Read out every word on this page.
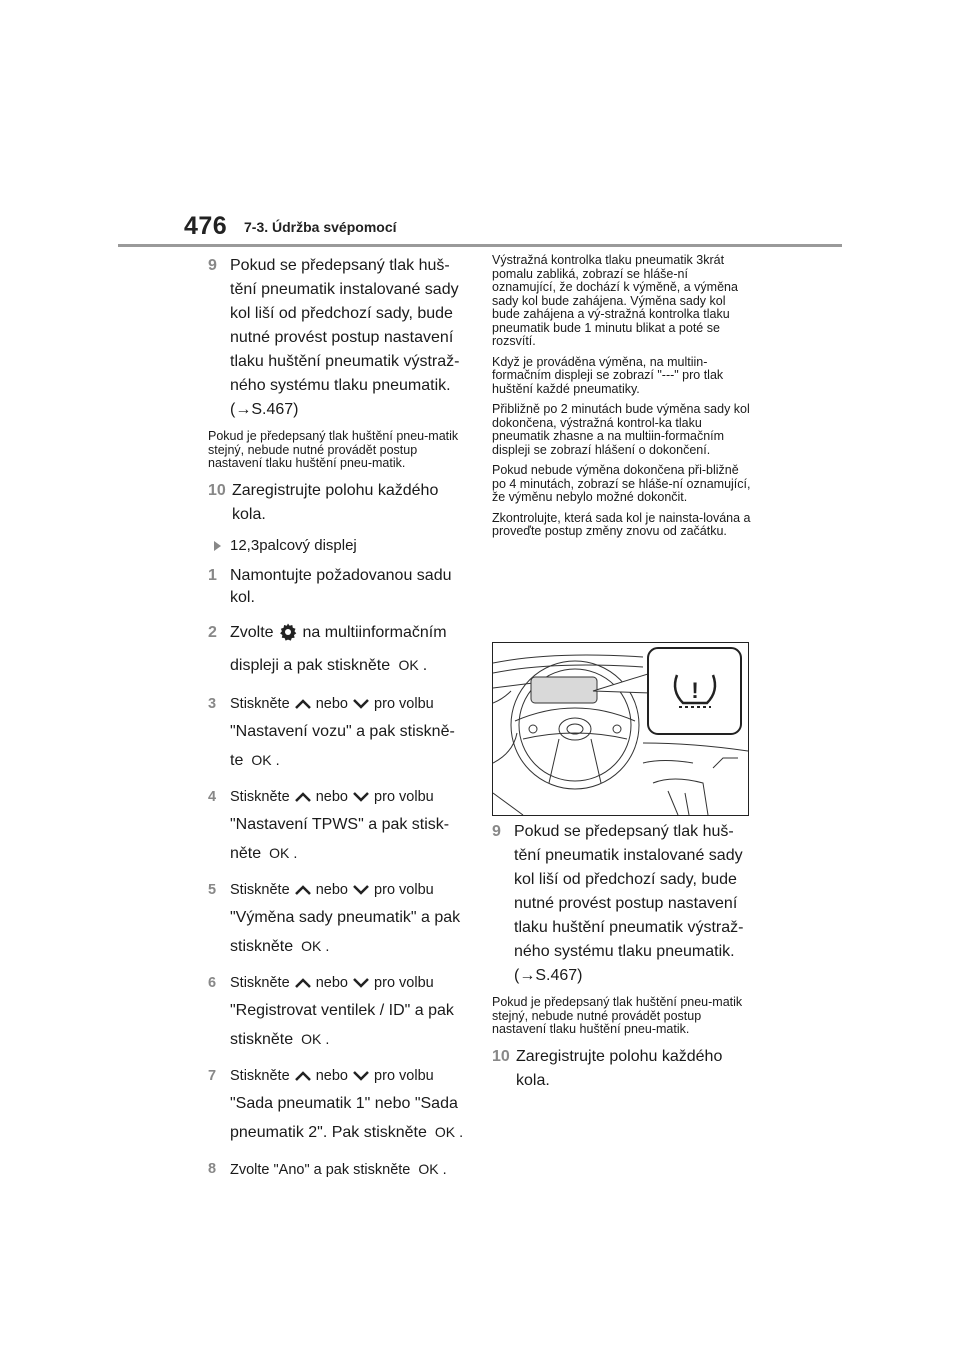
476 7-3. Údržba svépomocí
9 Pokud se předepsaný tlak huš-tění pneumatik instalované sady kol liší od předchozí sady, bude nutné provést postup nastavení tlaku huštění pneumatik výstraž-ného systému tlaku pneumatik.
(→S.467)

Pokud je předepsaný tlak huštění pneu-matik stejný, nebude nutné provádět postup nastavení tlaku huštění pneu-matik.

10 Zaregistrujte polohu každého kola.
12,3palcový displej
1 Namontujte požadovanou sadu kol.
2 Zvolte na multiinformačním
displeji a pak stiskněte OK .
3 Stiskněte nebo pro volbu
"Nastavení vozu" a pak stiskně-
te OK .
4 Stiskněte nebo pro volbu
"Nastavení TPWS" a pak stisk-
něte OK .
5 Stiskněte nebo pro volbu
"Výměna sady pneumatik" a pak
stiskněte OK .
6 Stiskněte nebo pro volbu
"Registrovat ventilek / ID" a pak
stiskněte OK .
7 Stiskněte nebo pro volbu
"Sada pneumatik 1" nebo "Sada
pneumatik 2". Pak stiskněte OK .
8 Zvolte "Ano" a pak stiskněte OK .

Výstražná kontrolka tlaku pneumatik 3krát pomalu zabliká, zobrazí se hláše-ní oznamující, že dochází k výměně, a výměna sady kol bude zahájena. Výměna sady kol bude zahájena a vý-stražná kontrolka tlaku pneumatik bude 1 minutu blikat a poté se rozsvítí.

Když je prováděna výměna, na multiin-formačním displeji se zobrazí "---" pro tlak huštění každé pneumatiky.

Přibližně po 2 minutách bude výměna sady kol dokončena, výstražná kontrol-ka tlaku pneumatik zhasne a na multiin-formačním displeji se zobrazí hlášení o dokončení.

Pokud nebude výměna dokončena při-bližně po 4 minutách, zobrazí se hláše-ní oznamující, že výměnu nebylo možné dokončit.

Zkontrolujte, která sada kol je nainsta-lována a proveďte postup změny znovu od začátku.

!
9 Pokud se předepsaný tlak huš-tění pneumatik instalované sady kol liší od předchozí sady, bude nutné provést postup nastavení tlaku huštění pneumatik výstraž-ného systému tlaku pneumatik.
(→S.467)

Pokud je předepsaný tlak huštění pneu-matik stejný, nebude nutné provádět postup nastavení tlaku huštění pneu-matik.

10 Zaregistrujte polohu každého kola.
